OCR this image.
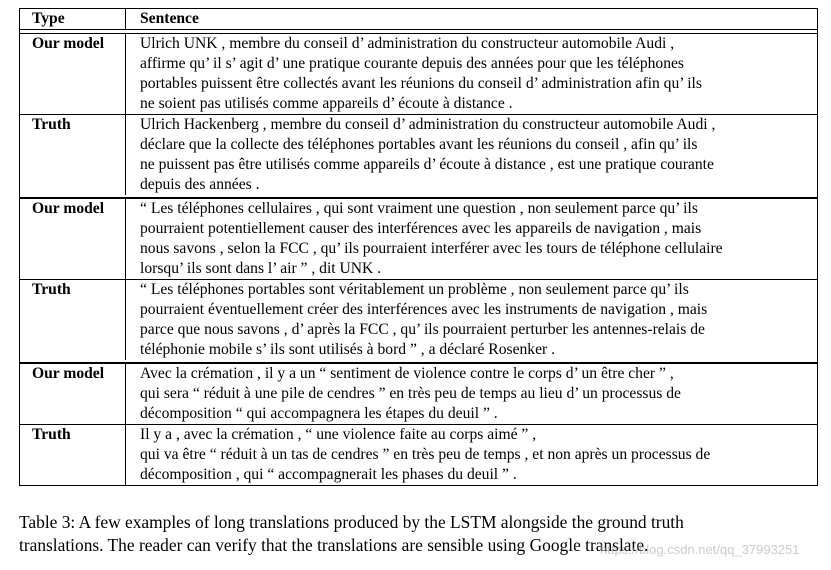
Type	Sentence
Our model	Ulrich UNK , membre du conseil d’ administration du constructeur automobile Audi ,
affirme qu’ il s’ agit d’ une pratique courante depuis des années pour que les téléphones
portables puissent être collectés avant les réunions du conseil d’ administration afin qu’ ils
ne soient pas utilisés comme appareils d’ écoute à distance .
Truth	Ulrich Hackenberg , membre du conseil d’ administration du constructeur automobile Audi ,
déclare que la collecte des téléphones portables avant les réunions du conseil , afin qu’ ils
ne puissent pas être utilisés comme appareils d’ écoute à distance , est une pratique courante
depuis des années .
Our model	“ Les téléphones cellulaires , qui sont vraiment une question , non seulement parce qu’ ils
pourraient potentiellement causer des interférences avec les appareils de navigation , mais
nous savons , selon la FCC , qu’ ils pourraient interférer avec les tours de téléphone cellulaire
lorsqu’ ils sont dans l’ air ” , dit UNK .
Truth	“ Les téléphones portables sont véritablement un problème , non seulement parce qu’ ils
pourraient éventuellement créer des interférences avec les instruments de navigation , mais
parce que nous savons , d’ après la FCC , qu’ ils pourraient perturber les antennes-relais de
téléphonie mobile s’ ils sont utilisés à bord ” , a déclaré Rosenker .
Our model	Avec la crémation , il y a un “ sentiment de violence contre le corps d’ un être cher ” ,
qui sera “ réduit à une pile de cendres ” en très peu de temps au lieu d’ un processus de
décomposition “ qui accompagnera les étapes du deuil ” .
Truth	Il y a , avec la crémation , “ une violence faite au corps aimé ” ,
qui va être “ réduit à un tas de cendres ” en très peu de temps , et non après un processus de
décomposition , qui “ accompagnerait les phases du deuil ” .
Table 3: A few examples of long translations produced by the LSTM alongside the ground truth
translations. The reader can verify that the translations are sensible using Google translate.
https://blog.csdn.net/qq_37993251
